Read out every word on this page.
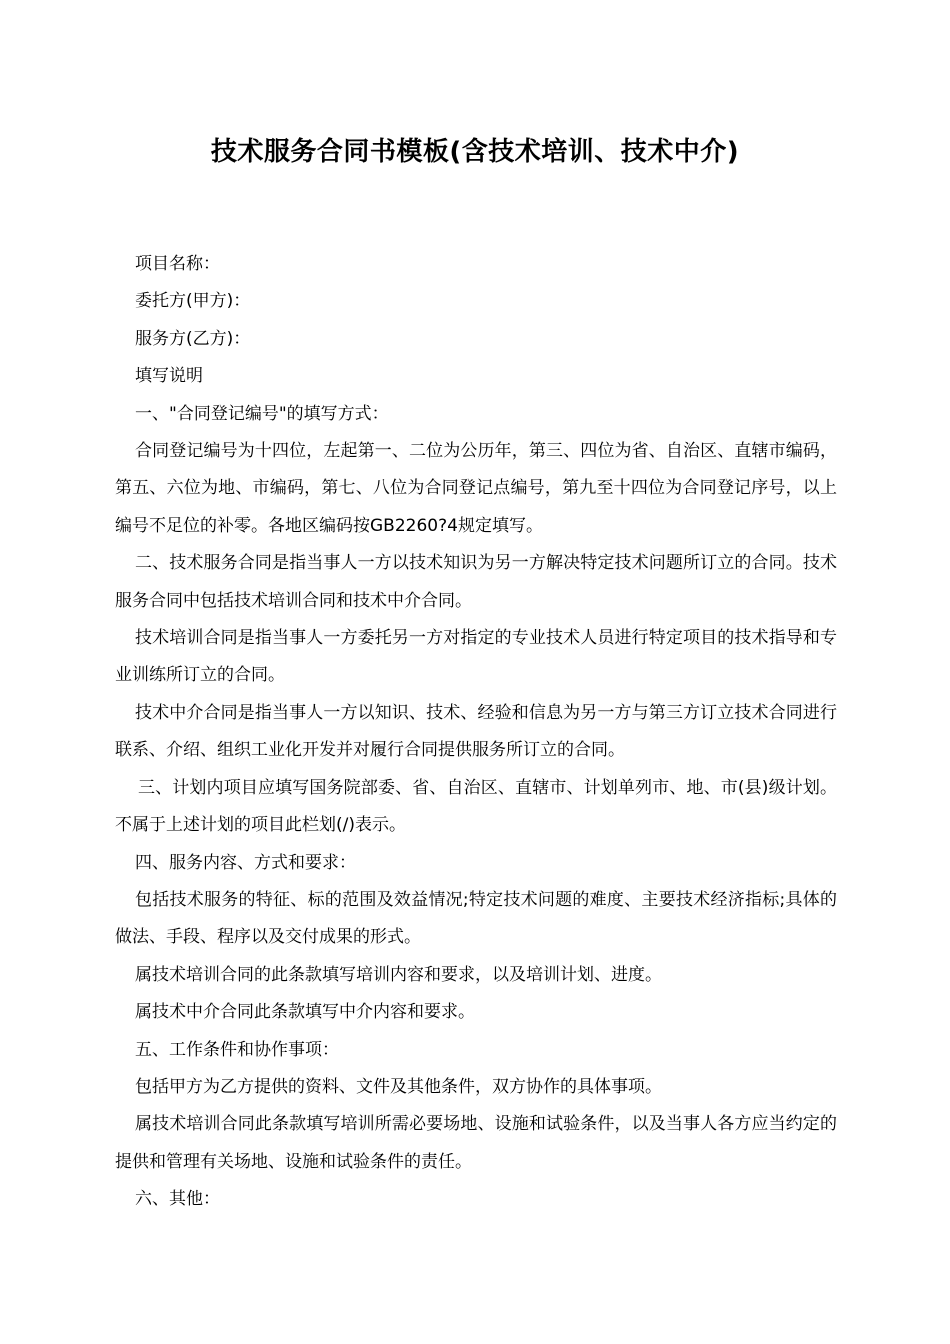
技术服务合同书模板(含技术培训、技术中介)

项目名称：

委托方(甲方)：

服务方(乙方)：

填写说明

一、"合同登记编号"的填写方式：

合同登记编号为十四位，左起第一、二位为公历年，第三、四位为省、自治区、直辖市编码，第五、六位为地、市编码，第七、八位为合同登记点编号，第九至十四位为合同登记序号，以上编号不足位的补零。各地区编码按GB2260?4规定填写。

二、技术服务合同是指当事人一方以技术知识为另一方解决特定技术问题所订立的合同。技术服务合同中包括技术培训合同和技术中介合同。

技术培训合同是指当事人一方委托另一方对指定的专业技术人员进行特定项目的技术指导和专业训练所订立的合同。

技术中介合同是指当事人一方以知识、技术、经验和信息为另一方与第三方订立技术合同进行联系、介绍、组织工业化开发并对履行合同提供服务所订立的合同。

三、计划内项目应填写国务院部委、省、自治区、直辖市、计划单列市、地、市(县)级计划。不属于上述计划的项目此栏划(/)表示。

四、服务内容、方式和要求：

包括技术服务的特征、标的范围及效益情况;特定技术问题的难度、主要技术经济指标;具体的做法、手段、程序以及交付成果的形式。

属技术培训合同的此条款填写培训内容和要求，以及培训计划、进度。

属技术中介合同此条款填写中介内容和要求。

五、工作条件和协作事项：

包括甲方为乙方提供的资料、文件及其他条件，双方协作的具体事项。

属技术培训合同此条款填写培训所需必要场地、设施和试验条件，以及当事人各方应当约定的提供和管理有关场地、设施和试验条件的责任。

六、其他：
